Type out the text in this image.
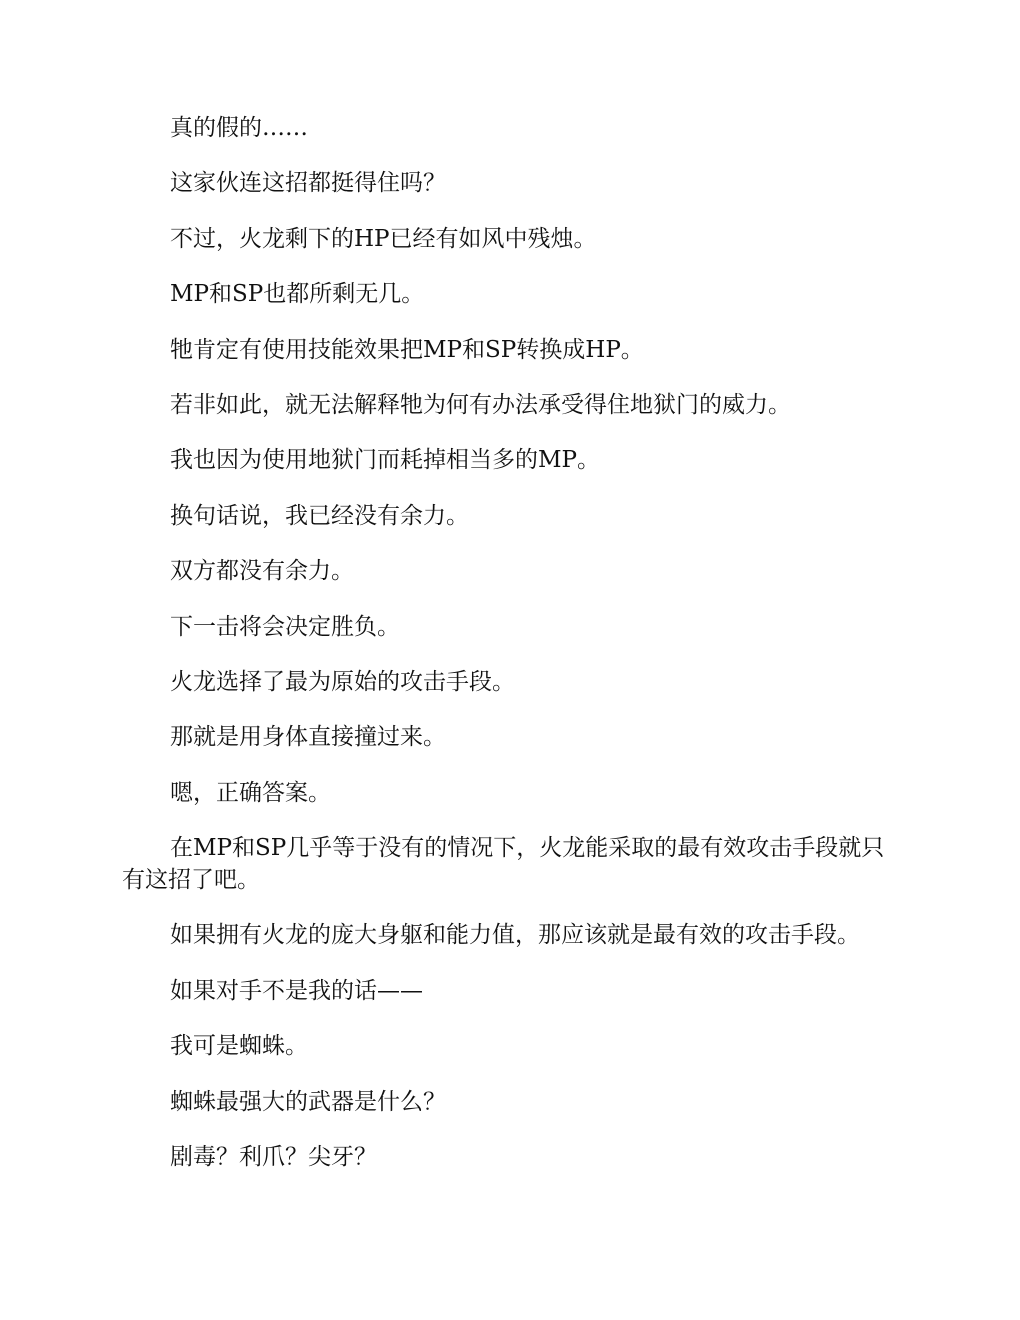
真的假的……

这家伙连这招都挺得住吗？

不过，火龙剩下的HP已经有如风中残烛。

MP和SP也都所剩无几。

牠肯定有使用技能效果把MP和SP转换成HP。

若非如此，就无法解释牠为何有办法承受得住地狱门的威力。

我也因为使用地狱门而耗掉相当多的MP。

换句话说，我已经没有余力。

双方都没有余力。

下一击将会决定胜负。

火龙选择了最为原始的攻击手段。

那就是用身体直接撞过来。

嗯，正确答案。

在MP和SP几乎等于没有的情况下，火龙能采取的最有效攻击手段就只有这招了吧。

如果拥有火龙的庞大身躯和能力值，那应该就是最有效的攻击手段。

如果对手不是我的话——

我可是蜘蛛。

蜘蛛最强大的武器是什么？

剧毒？利爪？尖牙？
